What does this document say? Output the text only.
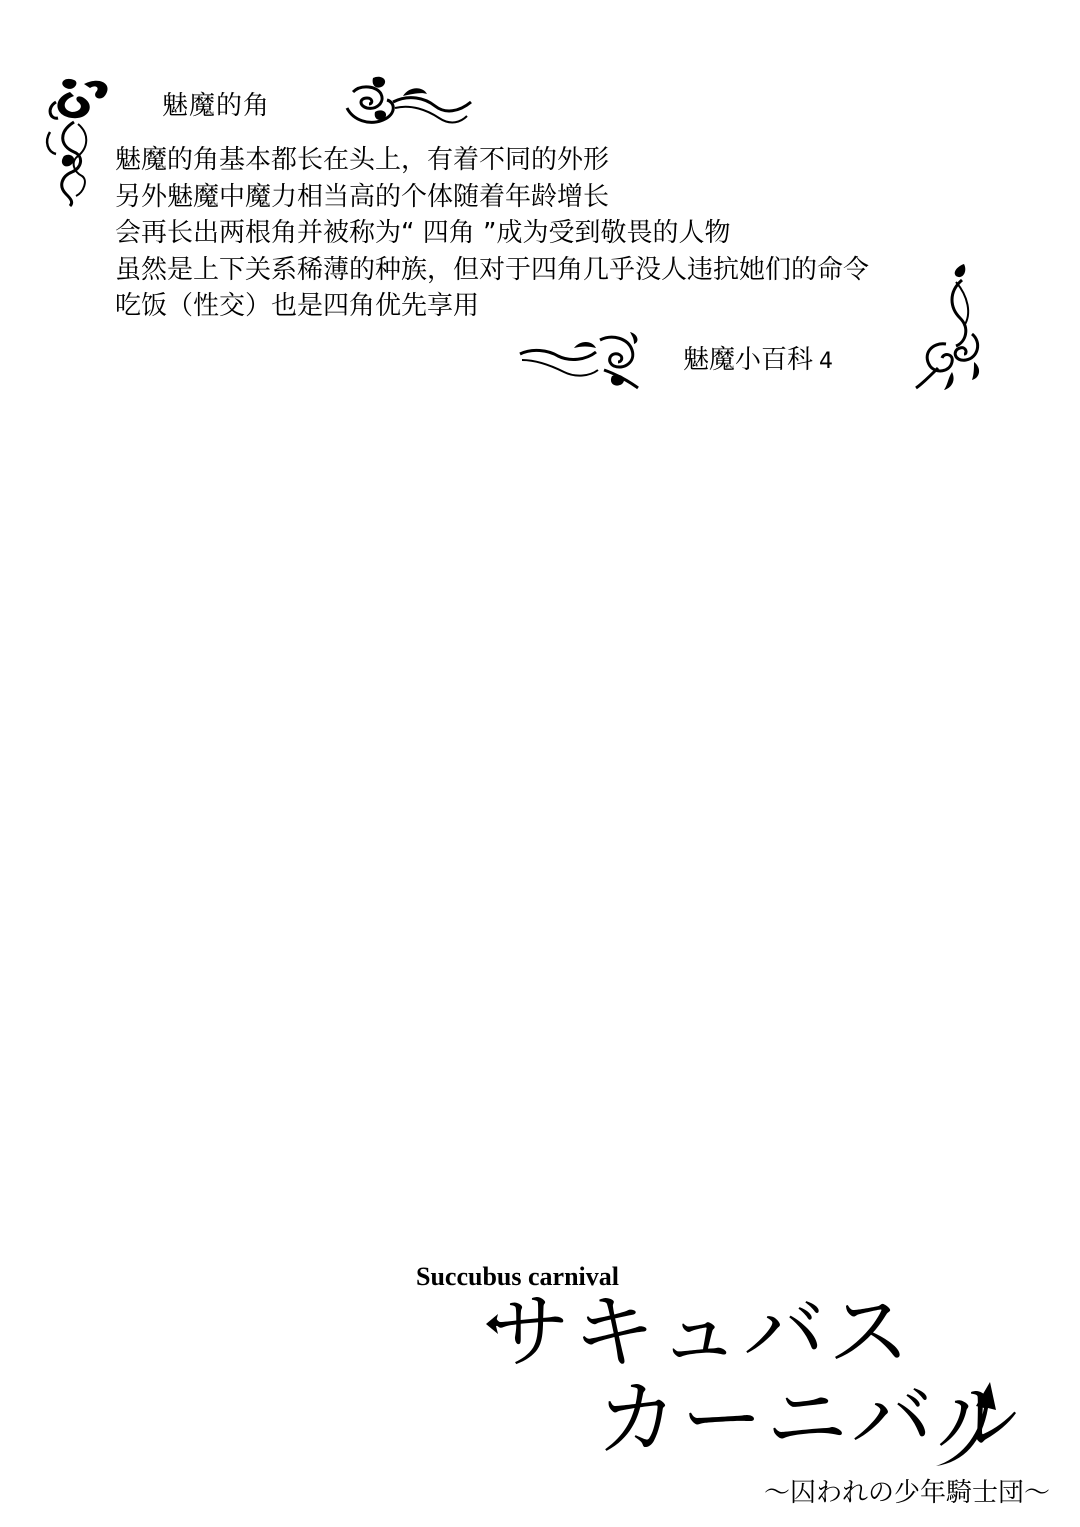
魅魔的角
魅魔的角基本都长在头上，有着不同的外形
另外魅魔中魔力相当高的个体随着年龄增长
会再长出两根角并被称为“ 四角 ”成为受到敬畏的人物
虽然是上下关系稀薄的种族，但对于四角几乎没人违抗她们的命令
吃饭（性交）也是四角优先享用
魅魔小百科 4
Succubus carnival
サキュバス
カーニバル
〜囚われの少年騎士団〜
